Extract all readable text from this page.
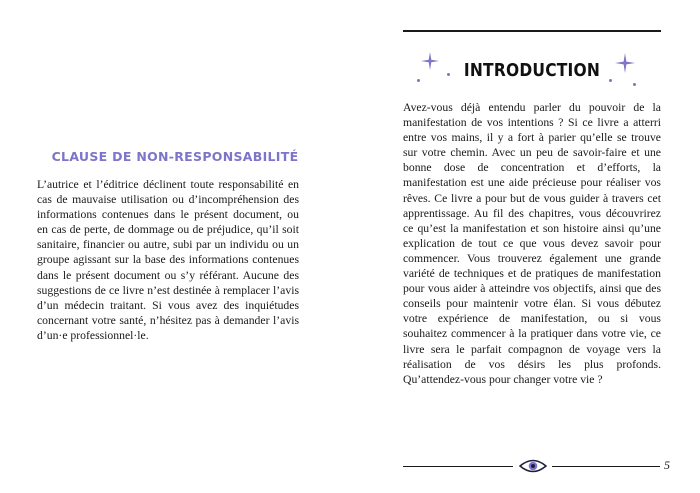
CLAUSE DE NON-RESPONSABILITÉ

L’autrice et l’éditrice déclinent toute responsabilité en cas de mauvaise utilisation ou d’incompréhension des informations contenues dans le présent document, ou en cas de perte, de dommage ou de préjudice, qu’il soit sanitaire, financier ou autre, subi par un individu ou un groupe agissant sur la base des informations contenues dans le présent document ou s’y référant. Aucune des suggestions de ce livre n’est destinée à remplacer l’avis d’un médecin traitant. Si vous avez des inquiétudes concernant votre santé, n’hésitez pas à demander l’avis d’un·e professionnel·le.

INTRODUCTION

Avez-vous déjà entendu parler du pouvoir de la manifestation de vos intentions ? Si ce livre a atterri entre vos mains, il y a fort à parier qu’elle se trouve sur votre chemin. Avec un peu de savoir-faire et une bonne dose de concentration et d’efforts, la manifestation est une aide précieuse pour réaliser vos rêves. Ce livre a pour but de vous guider à travers cet apprentissage. Au fil des chapitres, vous découvrirez ce qu’est la manifestation et son histoire ainsi qu’une explication de tout ce que vous devez savoir pour commencer. Vous trouverez également une grande variété de techniques et de pratiques de manifestation pour vous aider à atteindre vos objectifs, ainsi que des conseils pour maintenir votre élan. Si vous débutez votre expérience de manifestation, ou si vous souhaitez commencer à la pratiquer dans votre vie, ce livre sera le parfait compagnon de voyage vers la réalisation de vos désirs les plus profonds. Qu’attendez-vous pour changer votre vie ?

5
